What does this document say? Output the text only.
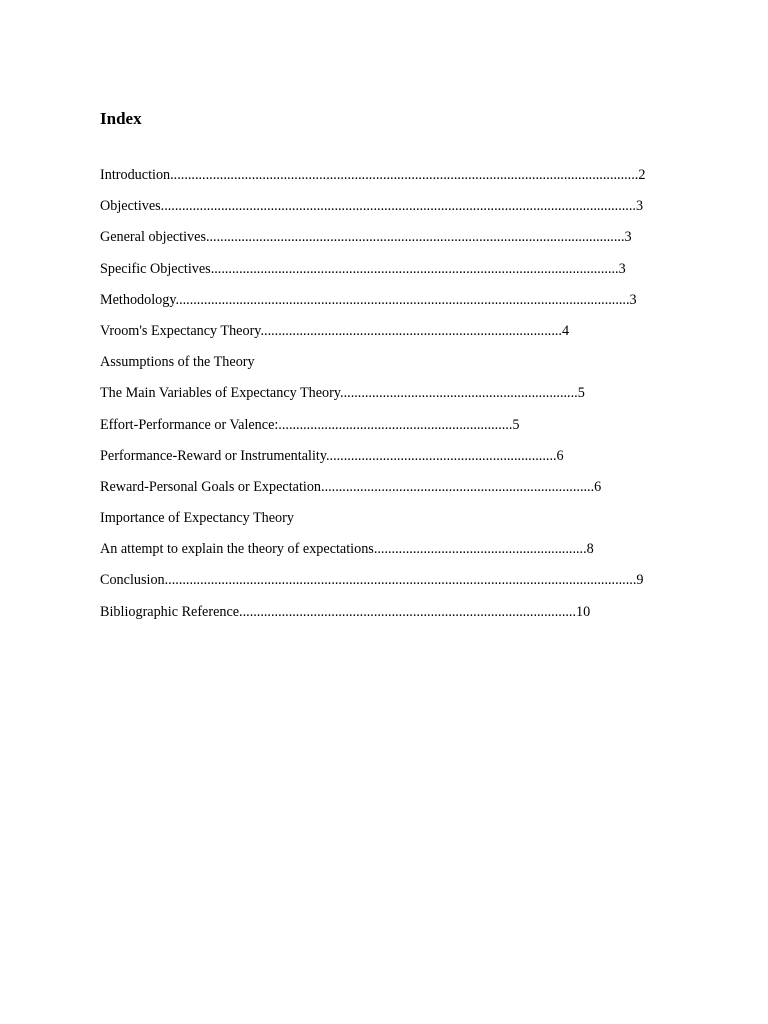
Index
Introduction....................................................................................................................................2
Objectives......................................................................................................................................3
General objectives......................................................................................................................3
Specific Objectives...................................................................................................................3
Methodology................................................................................................................................3
Vroom's Expectancy Theory.....................................................................................4
Assumptions of the Theory
The Main Variables of Expectancy Theory...................................................................5
Effort-Performance or Valence:..................................................................5
Performance-Reward or Instrumentality.................................................................6
Reward-Personal Goals or Expectation.............................................................................6
Importance of Expectancy Theory
An attempt to explain the theory of expectations............................................................8
Conclusion.....................................................................................................................................9
Bibliographic Reference...............................................................................................10
